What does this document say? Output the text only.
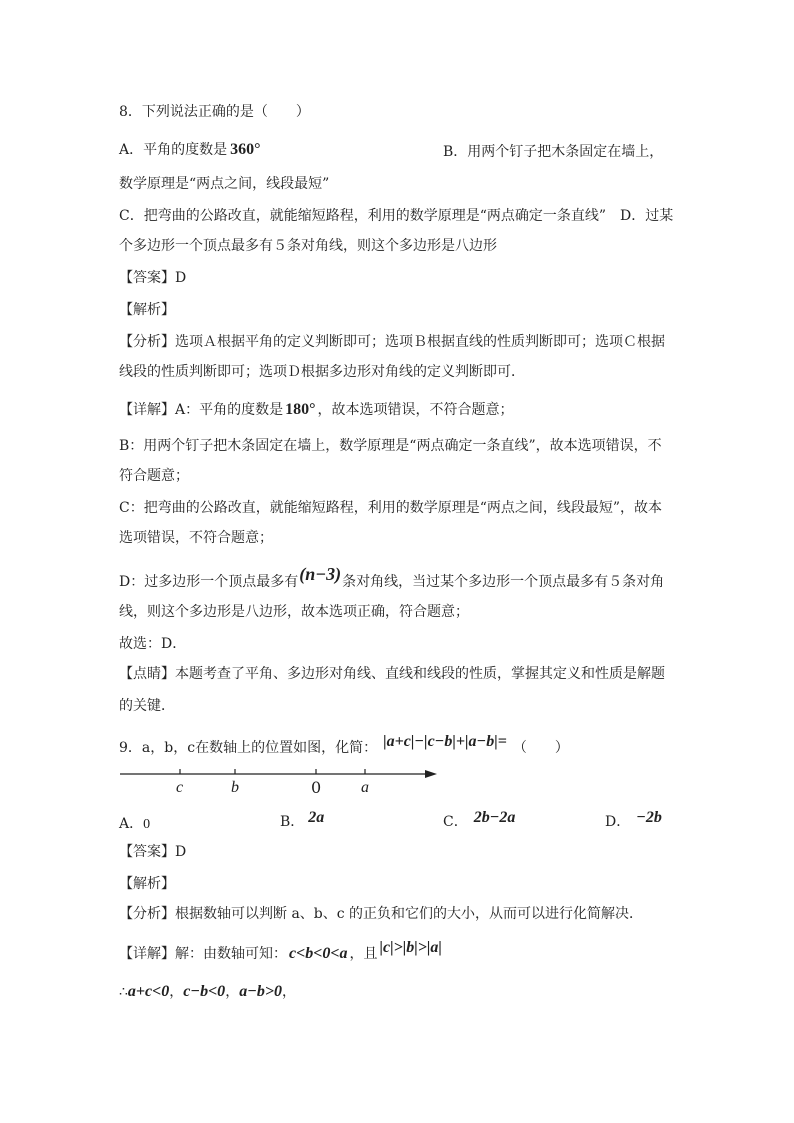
8．下列说法正确的是（　　）
A．平角的度数是 360°	B．用两个钉子把木条固定在墙上，
数学原理是“两点之间，线段最短”
C．把弯曲的公路改直，就能缩短路程，利用的数学原理是“两点确定一条直线”　D．过某
个多边形一个顶点最多有５条对角线，则这个多边形是八边形
【答案】D
【解析】
【分析】选项Ａ根据平角的定义判断即可；选项Ｂ根据直线的性质判断即可；选项Ｃ根据
线段的性质判断即可；选项Ｄ根据多边形对角线的定义判断即可．
【详解】A：平角的度数是 180° ，故本选项错误，不符合题意；
B：用两个钉子把木条固定在墙上，数学原理是“两点确定一条直线”，故本选项错误，不
符合题意；
C：把弯曲的公路改直，就能缩短路程，利用的数学原理是“两点之间，线段最短”，故本
选项错误，不符合题意；
D：过多边形一个顶点最多有(n−3)条对角线，当过某个多边形一个顶点最多有５条对角
线，则这个多边形是八边形，故本选项正确，符合题意；
故选：D．
【点睛】本题考查了平角、多边形对角线、直线和线段的性质，掌握其定义和性质是解题
的关键．
9．a，b，c在数轴上的位置如图，化简： |a+c|−|c−b|+|a−b|= （　　）
c	b	0 a
A．0	B． 2a	C． 2b−2a	D． −2b
【答案】D
【解析】
【分析】根据数轴可以判断 a、b、c 的正负和它们的大小，从而可以进行化简解决．
【详解】解：由数轴可知： c<b<0<a ，且 |c|>|b|>|a|
∴a+c<0，c−b<0，a−b>0，
